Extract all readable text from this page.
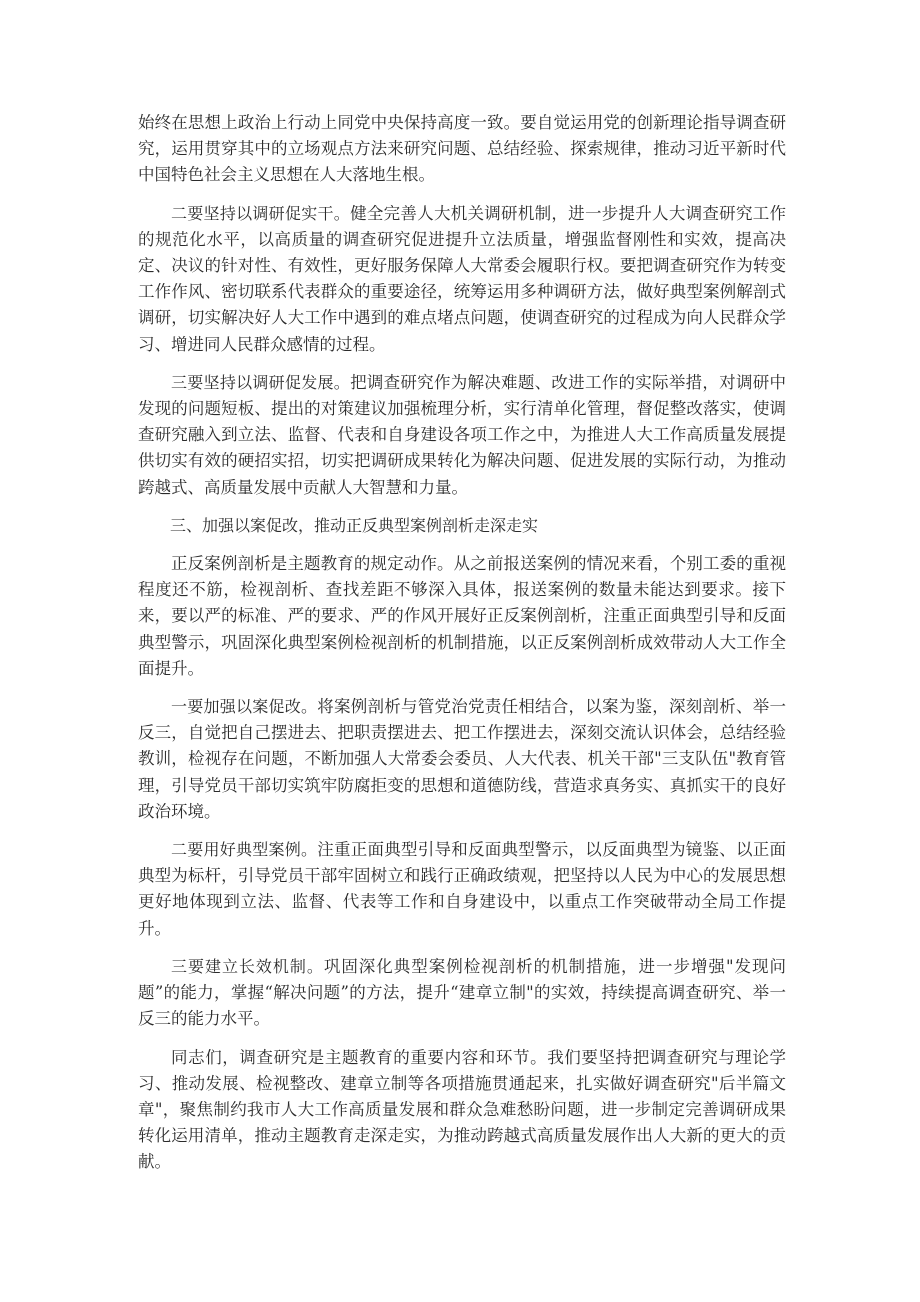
始终在思想上政治上行动上同党中央保持高度一致。要自觉运用党的创新理论指导调查研究，运用贯穿其中的立场观点方法来研究问题、总结经验、探索规律，推动习近平新时代中国特色社会主义思想在人大落地生根。

二要坚持以调研促实干。健全完善人大机关调研机制，进一步提升人大调查研究工作的规范化水平，以高质量的调查研究促进提升立法质量，增强监督刚性和实效，提高决定、决议的针对性、有效性，更好服务保障人大常委会履职行权。要把调查研究作为转变工作作风、密切联系代表群众的重要途径，统筹运用多种调研方法，做好典型案例解剖式调研，切实解决好人大工作中遇到的难点堵点问题，使调查研究的过程成为向人民群众学习、增进同人民群众感情的过程。

三要坚持以调研促发展。把调查研究作为解决难题、改进工作的实际举措，对调研中发现的问题短板、提出的对策建议加强梳理分析，实行清单化管理，督促整改落实，使调查研究融入到立法、监督、代表和自身建设各项工作之中，为推进人大工作高质量发展提供切实有效的硬招实招，切实把调研成果转化为解决问题、促进发展的实际行动，为推动跨越式、高质量发展中贡献人大智慧和力量。

三、加强以案促改，推动正反典型案例剖析走深走实

正反案例剖析是主题教育的规定动作。从之前报送案例的情况来看，个别工委的重视程度还不筋，检视剖析、查找差距不够深入具体，报送案例的数量未能达到要求。接下来，要以严的标准、严的要求、严的作风开展好正反案例剖析，注重正面典型引导和反面典型警示，巩固深化典型案例检视剖析的机制措施，以正反案例剖析成效带动人大工作全面提升。

一要加强以案促改。将案例剖析与管党治党责任相结合，以案为鉴，深刻剖析、举一反三，自觉把自己摆进去、把职责摆进去、把工作摆进去，深刻交流认识体会，总结经验教训，检视存在问题，不断加强人大常委会委员、人大代表、机关干部"三支队伍"教育管理，引导党员干部切实筑牢防腐拒变的思想和道德防线，营造求真务实、真抓实干的良好政治环境。

二要用好典型案例。注重正面典型引导和反面典型警示，以反面典型为镜鉴、以正面典型为标杆，引导党员干部牢固树立和践行正确政绩观，把坚持以人民为中心的发展思想更好地体现到立法、监督、代表等工作和自身建设中，以重点工作突破带动全局工作提升。

三要建立长效机制。巩固深化典型案例检视剖析的机制措施，进一步增强"发现问题”的能力，掌握“解决问题”的方法，提升“建章立制"的实效，持续提高调查研究、举一反三的能力水平。

同志们，调查研究是主题教育的重要内容和环节。我们要坚持把调查研究与理论学习、推动发展、检视整改、建章立制等各项措施贯通起来，扎实做好调查研究"后半篇文章"，聚焦制约我市人大工作高质量发展和群众急难愁盼问题，进一步制定完善调研成果转化运用清单，推动主题教育走深走实，为推动跨越式高质量发展作出人大新的更大的贡献。
